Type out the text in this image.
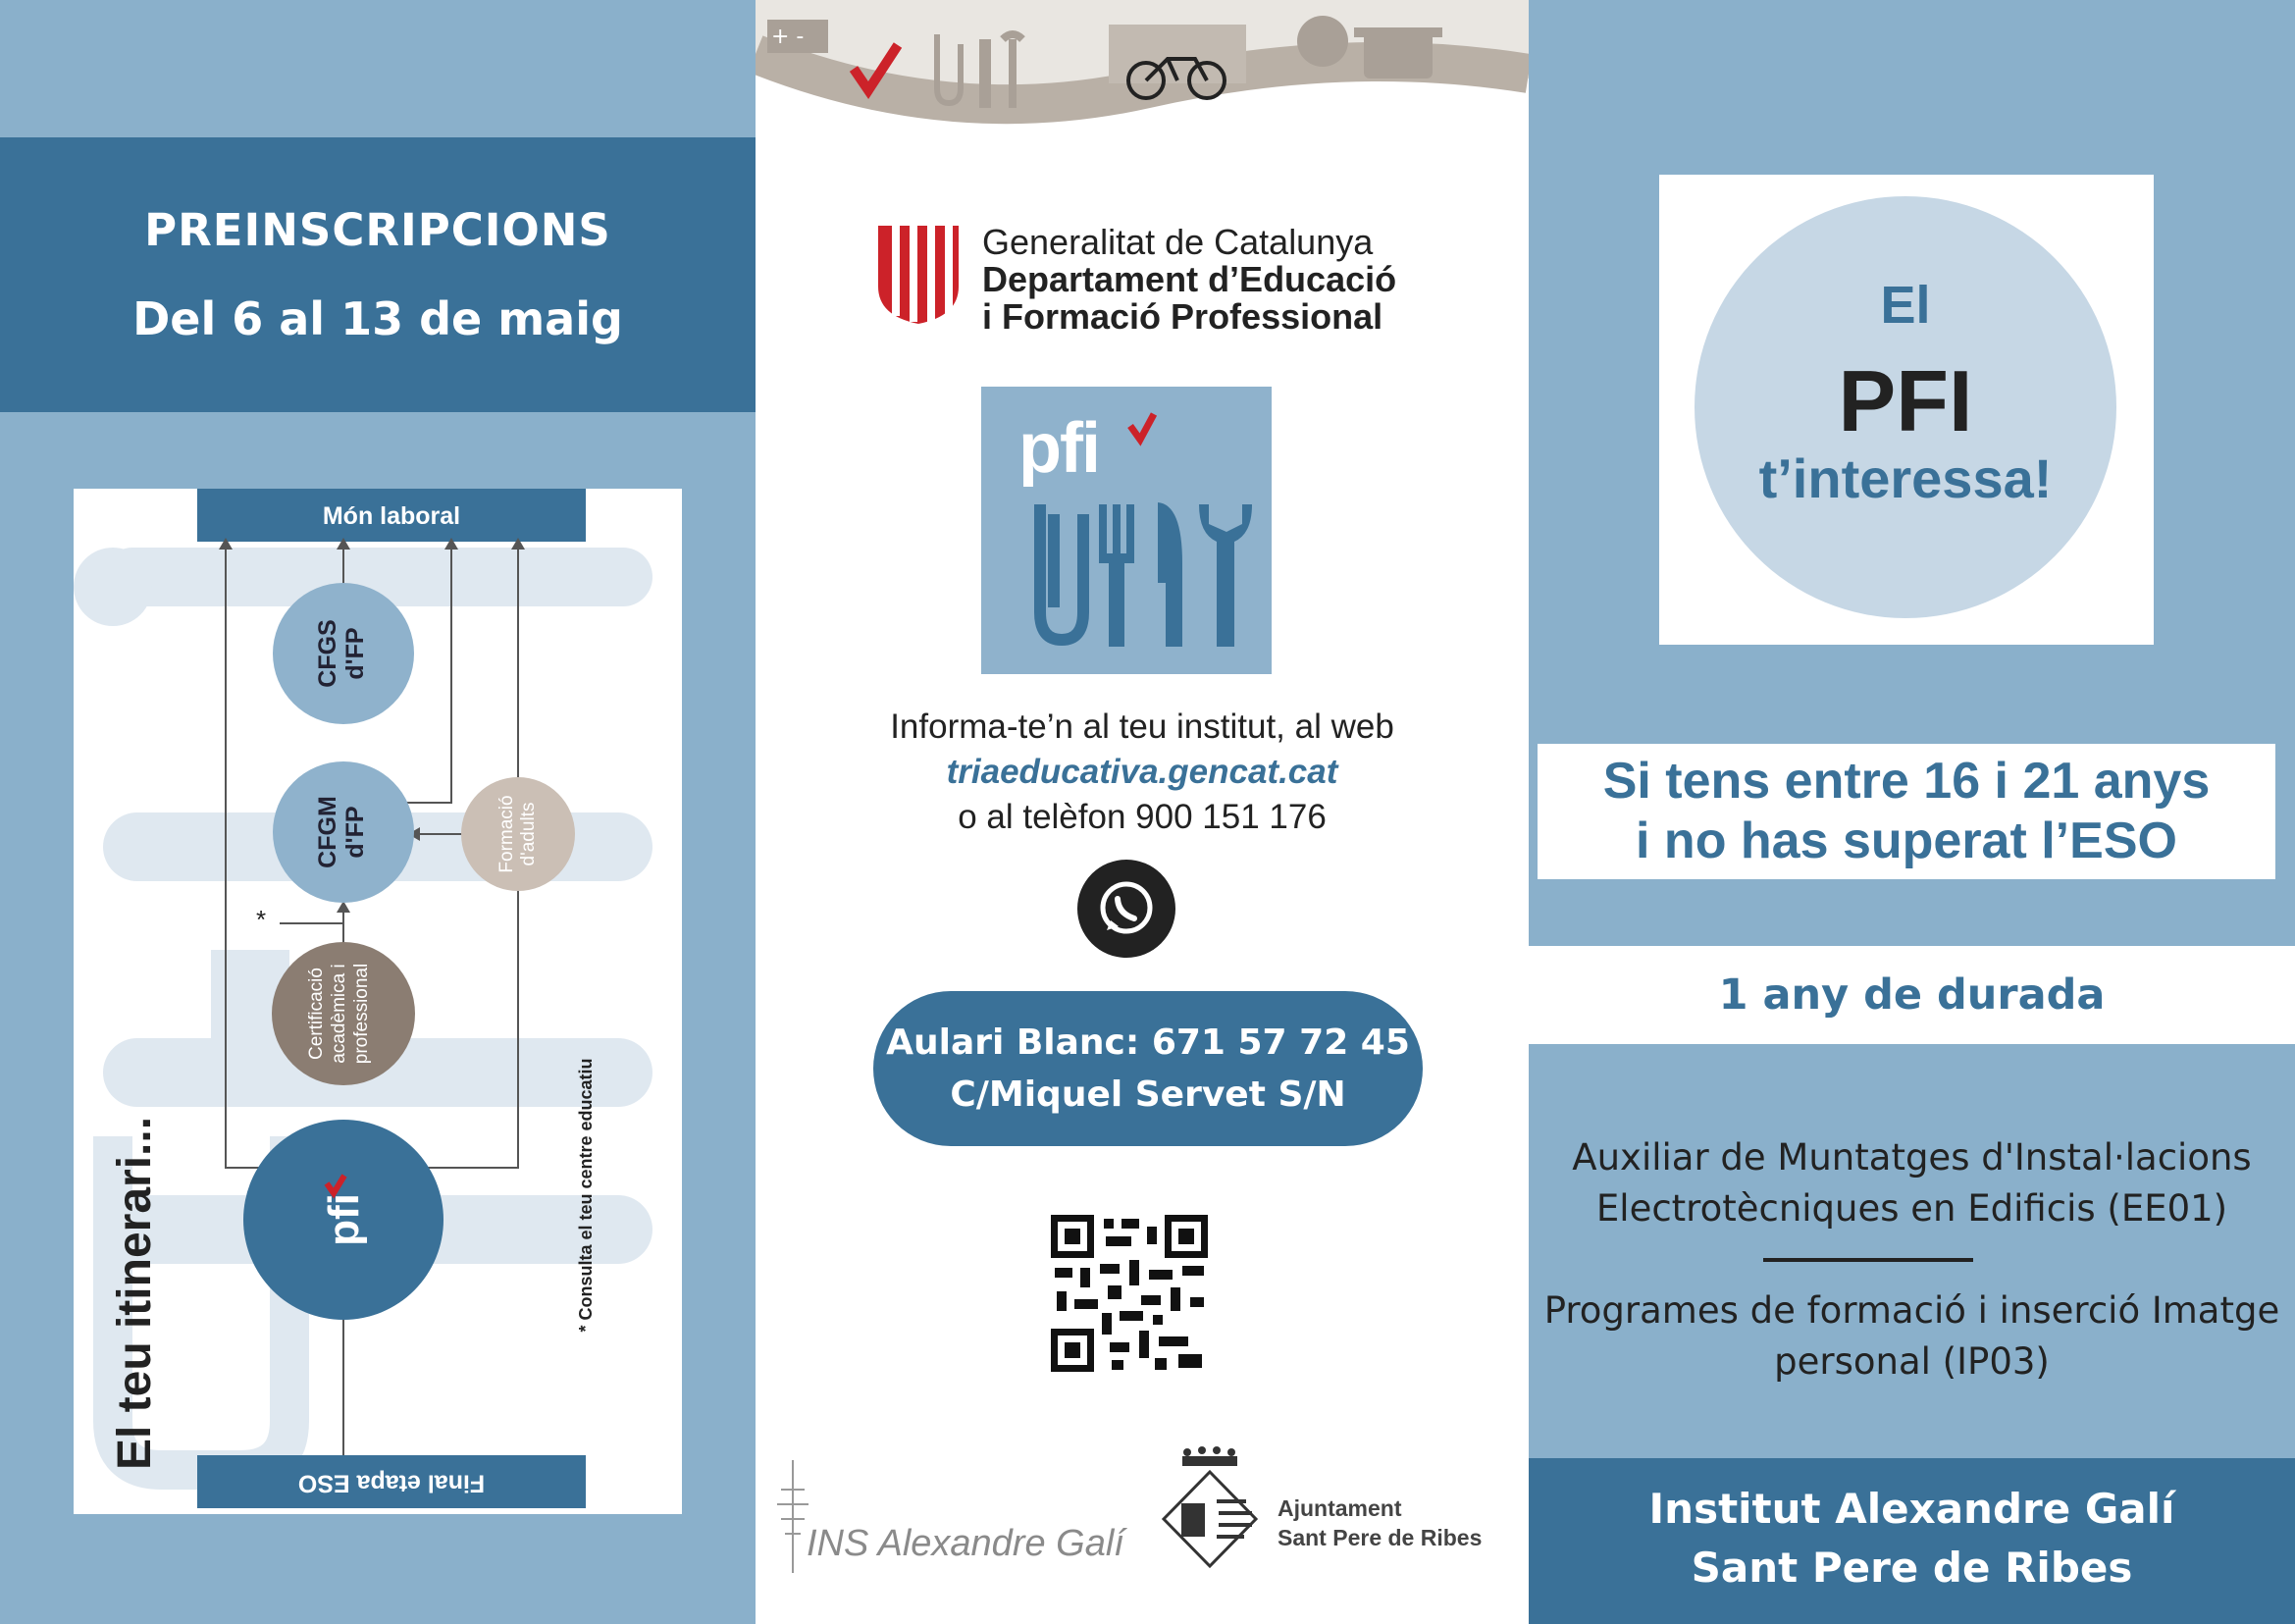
PREINSCRIPCIONS
Del 6 al 13 de maig
Món laboral
Final etapa ESO
CFGS d'FP
CFGM d'FP	Formació d'adults
Certificació acadèmica i professional
pfi
*
El teu itinerari...	* Consulta el teu centre educatiu
+ -
Generalitat de Catalunya
Departament d’Educació
i Formació Professional
pfi
Informa-te’n al teu institut, al web
triaeducativa.gencat.cat
o al telèfon 900 151 176
Aulari Blanc: 671 57 72 45
C/Miquel Servet S/N
INS Alexandre Galí
Ajuntament
Sant Pere de Ribes
El
PFI
t’interessa!
Si tens entre 16 i 21 anys
i no has superat l’ESO
1 any de durada
Auxiliar de Muntatges d'Instal·lacions
Electrotècniques en Edificis (EE01)
Programes de formació i inserció Imatge
personal (IP03)
Institut Alexandre Galí
Sant Pere de Ribes
